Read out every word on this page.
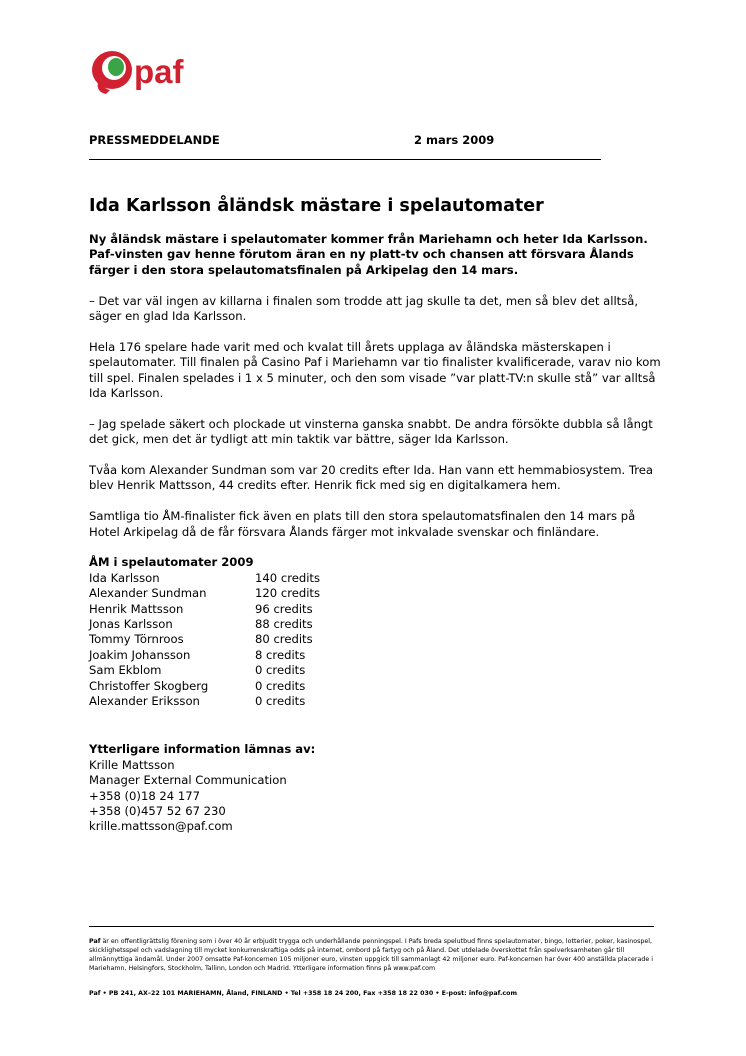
paf
PRESSMEDDELANDE	2 mars 2009
Ida Karlsson åländsk mästare i spelautomater

Ny åländsk mästare i spelautomater kommer från Mariehamn och heter Ida Karlsson. Paf-vinsten gav henne förutom äran en ny platt-tv och chansen att försvara Ålands färger i den stora spelautomatsfinalen på Arkipelag den 14 mars.

– Det var väl ingen av killarna i finalen som trodde att jag skulle ta det, men så blev det alltså, säger en glad Ida Karlsson.

Hela 176 spelare hade varit med och kvalat till årets upplaga av åländska mästerskapen i spelautomater. Till finalen på Casino Paf i Mariehamn var tio finalister kvalificerade, varav nio kom till spel. Finalen spelades i 1 x 5 minuter, och den som visade ”var platt-TV:n skulle stå” var alltså Ida Karlsson.

– Jag spelade säkert och plockade ut vinsterna ganska snabbt. De andra försökte dubbla så långt det gick, men det är tydligt att min taktik var bättre, säger Ida Karlsson.

Tvåa kom Alexander Sundman som var 20 credits efter Ida. Han vann ett hemmabiosystem. Trea blev Henrik Mattsson, 44 credits efter. Henrik fick med sig en digitalkamera hem.

Samtliga tio ÅM-finalister fick även en plats till den stora spelautomatsfinalen den 14 mars på Hotel Arkipelag då de får försvara Ålands färger mot inkvalade svenskar och finländare.

ÅM i spelautomater 2009
Ida Karlsson	140 credits
Alexander Sundman	120 credits
Henrik Mattsson	96 credits
Jonas Karlsson	88 credits
Tommy Törnroos	80 credits
Joakim Johansson	8 credits
Sam Ekblom	0 credits
Christoffer Skogberg	0 credits
Alexander Eriksson	0 credits
Ytterligare information lämnas av:
Krille Mattsson
Manager External Communication
+358 (0)18 24 177
+358 (0)457 52 67 230
krille.mattsson@paf.com
Paf är en offentligrättslig förening som i över 40 år erbjudit trygga och underhållande penningspel. I Pafs breda spelutbud finns spelautomater, bingo, lotterier, poker, kasinospel, skicklighetsspel och vadslagning till mycket konkurrenskraftiga odds på internet, ombord på fartyg och på Åland. Det utdelade överskottet från spelverksamheten går till allmännyttiga ändamål. Under 2007 omsatte Paf-koncernen 105 miljoner euro, vinsten uppgick till sammanlagt 42 miljoner euro. Paf-koncernen har över 400 anställda placerade i Mariehamn, Helsingfors, Stockholm, Tallinn, London och Madrid. Ytterligare information finns på www.paf.com
Paf • PB 241, AX–22 101 MARIEHAMN, Åland, FINLAND • Tel +358 18 24 200, Fax +358 18 22 030 • E-post: info@paf.com
